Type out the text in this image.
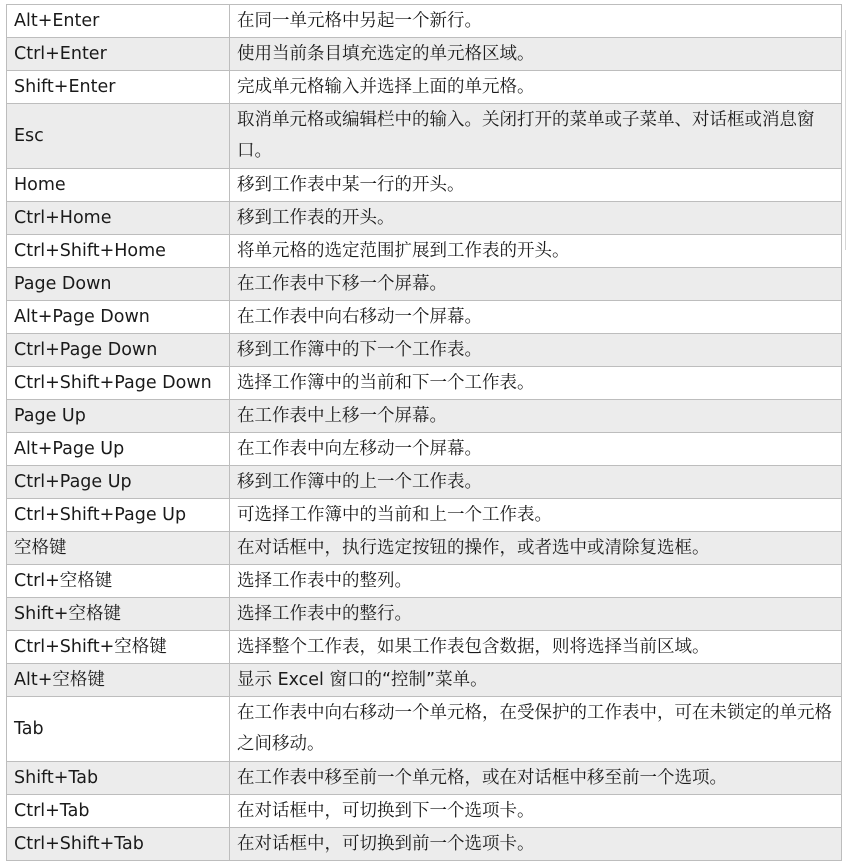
Alt+Enter	在同一单元格中另起一个新行。
Ctrl+Enter	使用当前条目填充选定的单元格区域。
Shift+Enter	完成单元格输入并选择上面的单元格。
Esc	取消单元格或编辑栏中的输入。关闭打开的菜单或子菜单、对话框或消息窗口。
Home	移到工作表中某一行的开头。
Ctrl+Home	移到工作表的开头。
Ctrl+Shift+Home	将单元格的选定范围扩展到工作表的开头。
Page Down	在工作表中下移一个屏幕。
Alt+Page Down	在工作表中向右移动一个屏幕。
Ctrl+Page Down	移到工作簿中的下一个工作表。
Ctrl+Shift+Page Down	选择工作簿中的当前和下一个工作表。
Page Up	在工作表中上移一个屏幕。
Alt+Page Up	在工作表中向左移动一个屏幕。
Ctrl+Page Up	移到工作簿中的上一个工作表。
Ctrl+Shift+Page Up	可选择工作簿中的当前和上一个工作表。
空格键	在对话框中，执行选定按钮的操作，或者选中或清除复选框。
Ctrl+空格键	选择工作表中的整列。
Shift+空格键	选择工作表中的整行。
Ctrl+Shift+空格键	选择整个工作表，如果工作表包含数据，则将选择当前区域。
Alt+空格键	显示 Excel 窗口的“控制”菜单。
Tab	在工作表中向右移动一个单元格，在受保护的工作表中，可在未锁定的单元格之间移动。
Shift+Tab	在工作表中移至前一个单元格，或在对话框中移至前一个选项。
Ctrl+Tab	在对话框中，可切换到下一个选项卡。
Ctrl+Shift+Tab	在对话框中，可切换到前一个选项卡。
